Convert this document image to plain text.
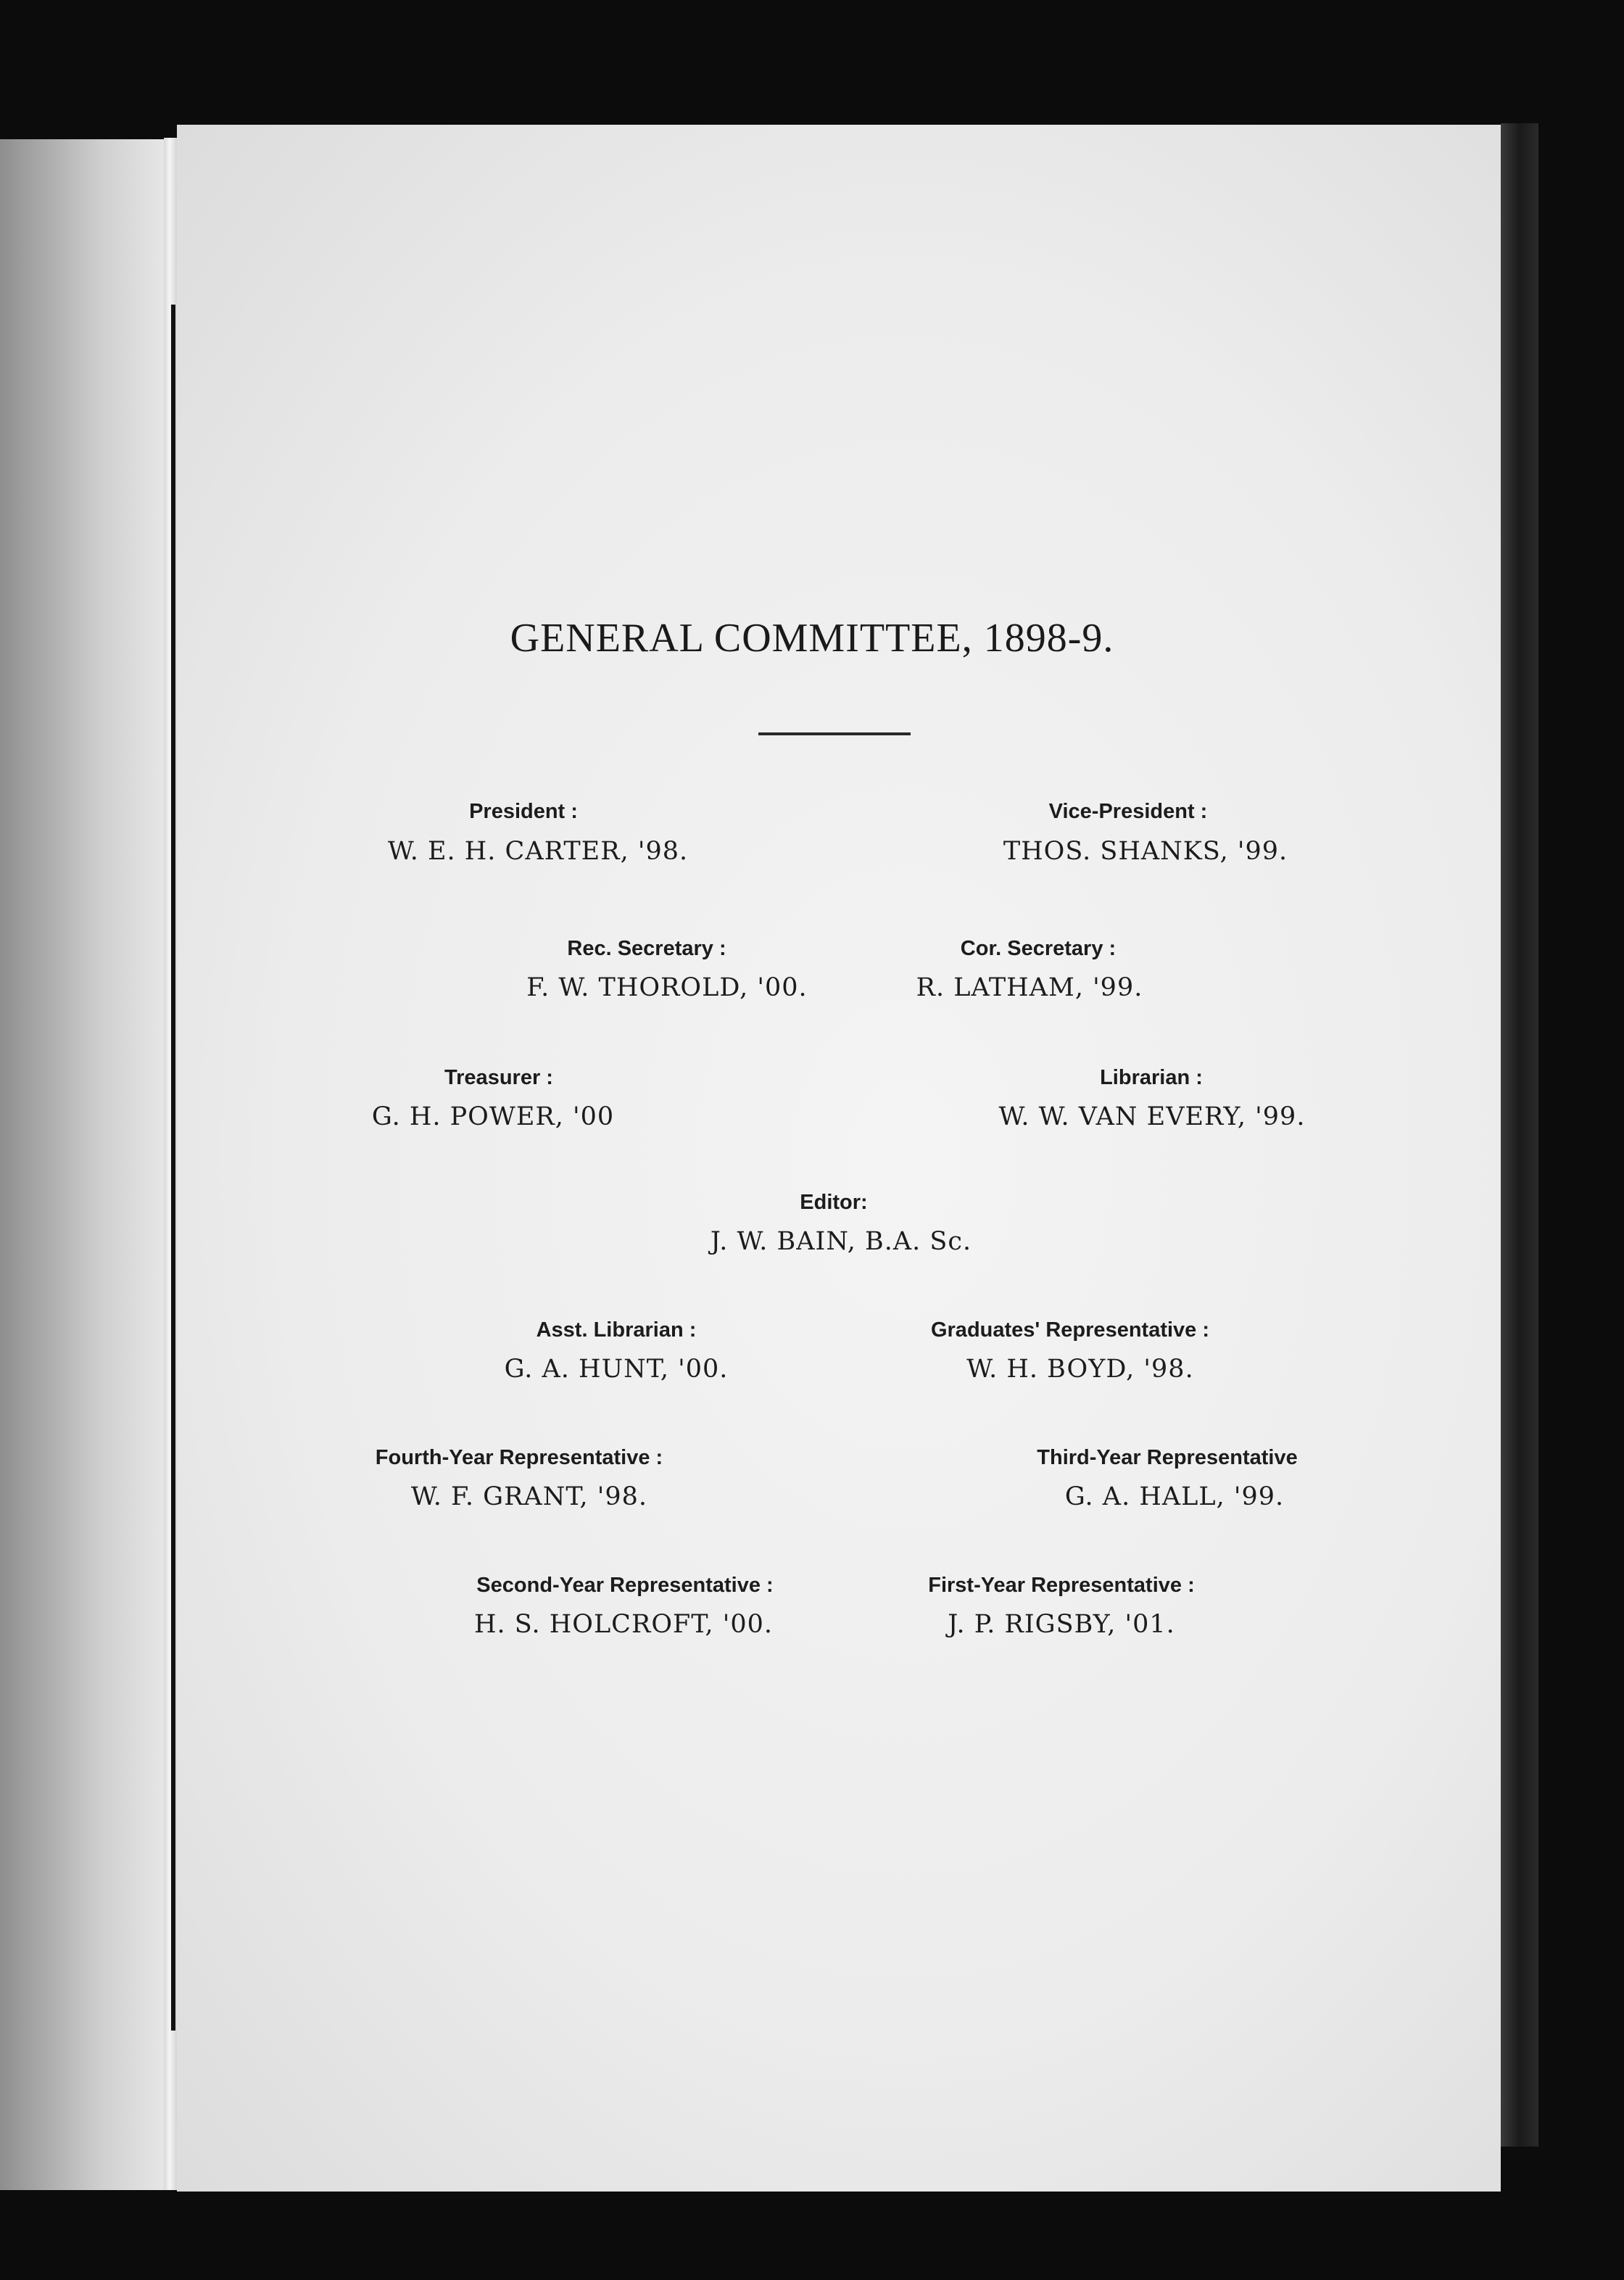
GENERAL COMMITTEE, 1898-9.
President :
W. E. H. CARTER, '98.
Vice-President :
THOS. SHANKS, '99.
Rec. Secretary :
F. W. THOROLD, '00.
Cor. Secretary :
R. LATHAM, '99.
Treasurer :
G. H. POWER, '00
Librarian :
W. W. VAN EVERY, '99.
Editor:
J. W. BAIN, B.A. Sc.
Asst. Librarian :
G. A. HUNT, '00.
Graduates' Representative :
W. H. BOYD, '98.
Fourth-Year Representative :
W. F. GRANT, '98.
Third-Year Representative
G. A. HALL, '99.
Second-Year Representative :
H. S. HOLCROFT, '00.
First-Year Representative :
J. P. RIGSBY, '01.
